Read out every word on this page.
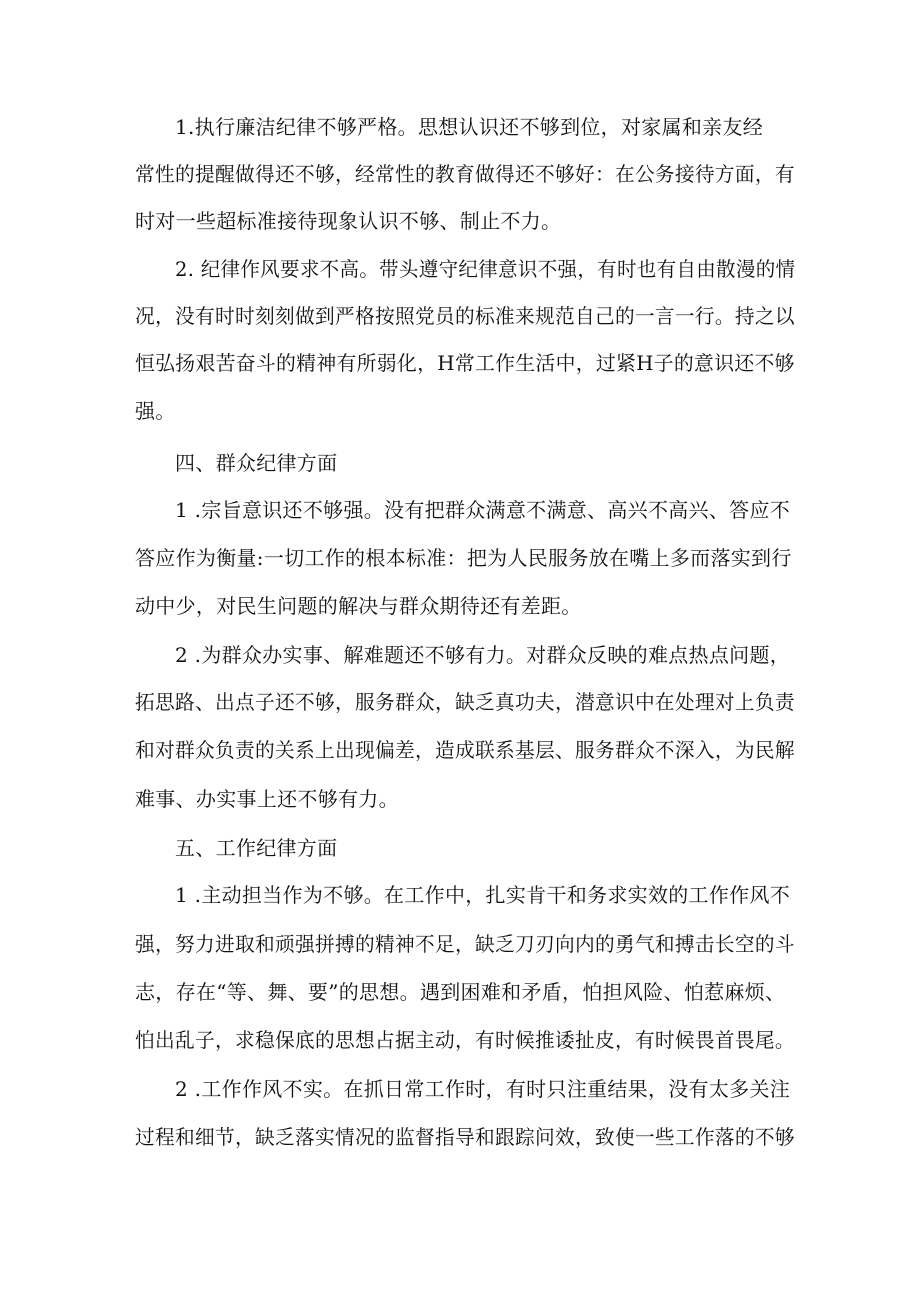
1.执行廉洁纪律不够严格。思想认识还不够到位，对家属和亲友经
常性的提醒做得还不够，经常性的教育做得还不够好：在公务接待方面，有
时对一些超标准接待现象认识不够、制止不力。
2. 纪律作风要求不高。带头遵守纪律意识不强，有时也有自由散漫的情
况，没有时时刻刻做到严格按照党员的标准来规范自己的一言一行。持之以
恒弘扬艰苦奋斗的精神有所弱化，H常工作生活中，过紧H子的意识还不够
强。
四、群众纪律方面
1 .宗旨意识还不够强。没有把群众满意不满意、高兴不高兴、答应不
答应作为衡量:一切工作的根本标准：把为人民服务放在嘴上多而落实到行
动中少，对民生问题的解决与群众期待还有差距。
2 .为群众办实事、解难题还不够有力。对群众反映的难点热点问题，
拓思路、出点子还不够，服务群众，缺乏真功夫，潜意识中在处理对上负责
和对群众负责的关系上出现偏差，造成联系基层、服务群众不深入，为民解
难事、办实事上还不够有力。
五、工作纪律方面
1 .主动担当作为不够。在工作中，扎实肯干和务求实效的工作作风不
强，努力进取和顽强拼搏的精神不足，缺乏刀刃向内的勇气和搏击长空的斗
志，存在“等、舞、要”的思想。遇到困难和矛盾，怕担风险、怕惹麻烦、
怕出乱子，求稳保底的思想占据主动，有时候推诿扯皮，有时候畏首畏尾。
2 .工作作风不实。在抓日常工作时，有时只注重结果，没有太多关注
过程和细节，缺乏落实情况的监督指导和跟踪问效，致使一些工作落的不够
